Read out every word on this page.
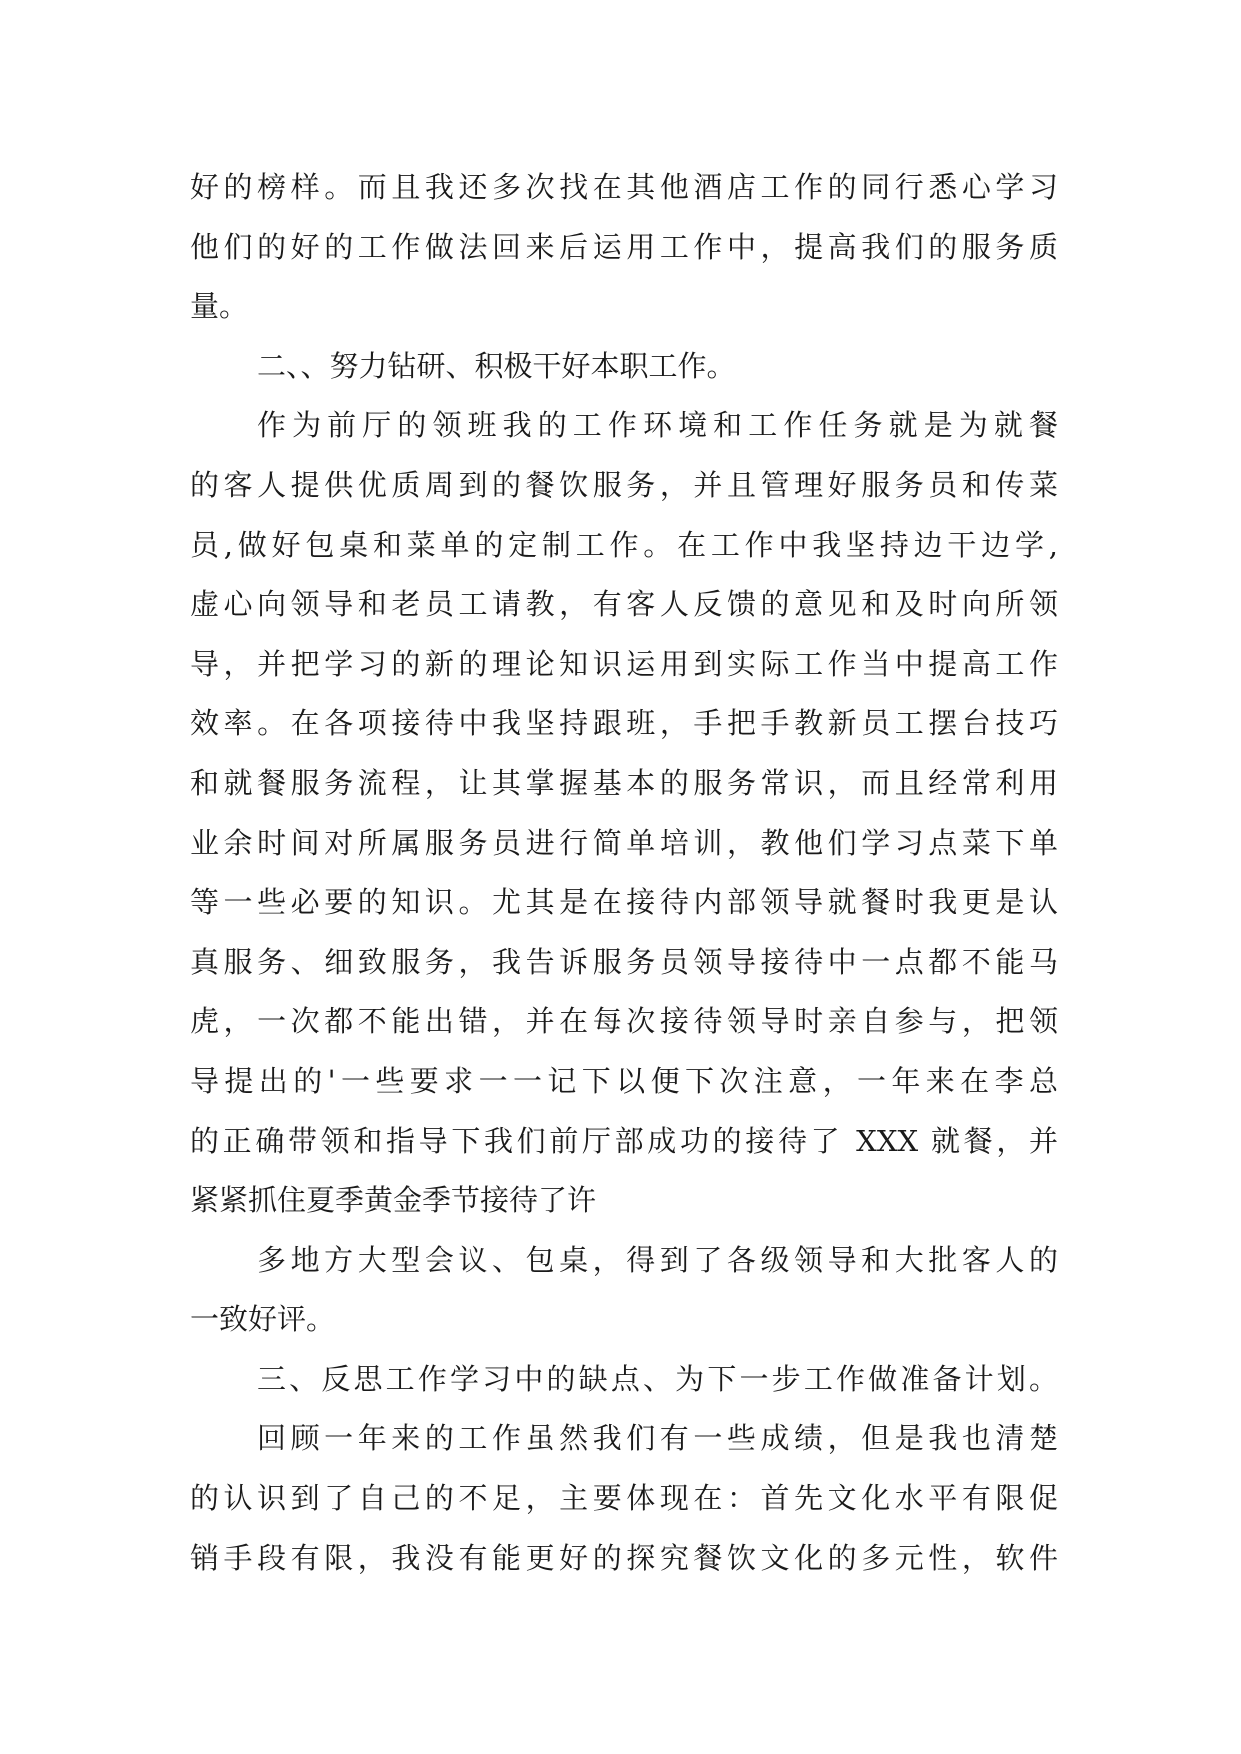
好的榜样。而且我还多次找在其他酒店工作的同行悉心学习
他们的好的工作做法回来后运用工作中，提高我们的服务质
量。
二、、努力钻研、积极干好本职工作。
作为前厅的领班我的工作环境和工作任务就是为就餐
的客人提供优质周到的餐饮服务，并且管理好服务员和传菜
员,做好包桌和菜单的定制工作。在工作中我坚持边干边学,
虚心向领导和老员工请教，有客人反馈的意见和及时向所领
导，并把学习的新的理论知识运用到实际工作当中提高工作
效率。在各项接待中我坚持跟班，手把手教新员工摆台技巧
和就餐服务流程，让其掌握基本的服务常识，而且经常利用
业余时间对所属服务员进行简单培训，教他们学习点菜下单
等一些必要的知识。尤其是在接待内部领导就餐时我更是认
真服务、细致服务，我告诉服务员领导接待中一点都不能马
虎，一次都不能出错，并在每次接待领导时亲自参与，把领
导提出的'一些要求一一记下以便下次注意，一年来在李总
的正确带领和指导下我们前厅部成功的接待了 XXX 就餐，并
紧紧抓住夏季黄金季节接待了许
多地方大型会议、包桌，得到了各级领导和大批客人的
一致好评。
三、反思工作学习中的缺点、为下一步工作做准备计划。
回顾一年来的工作虽然我们有一些成绩，但是我也清楚
的认识到了自己的不足，主要体现在：首先文化水平有限促
销手段有限，我没有能更好的探究餐饮文化的多元性，软件
